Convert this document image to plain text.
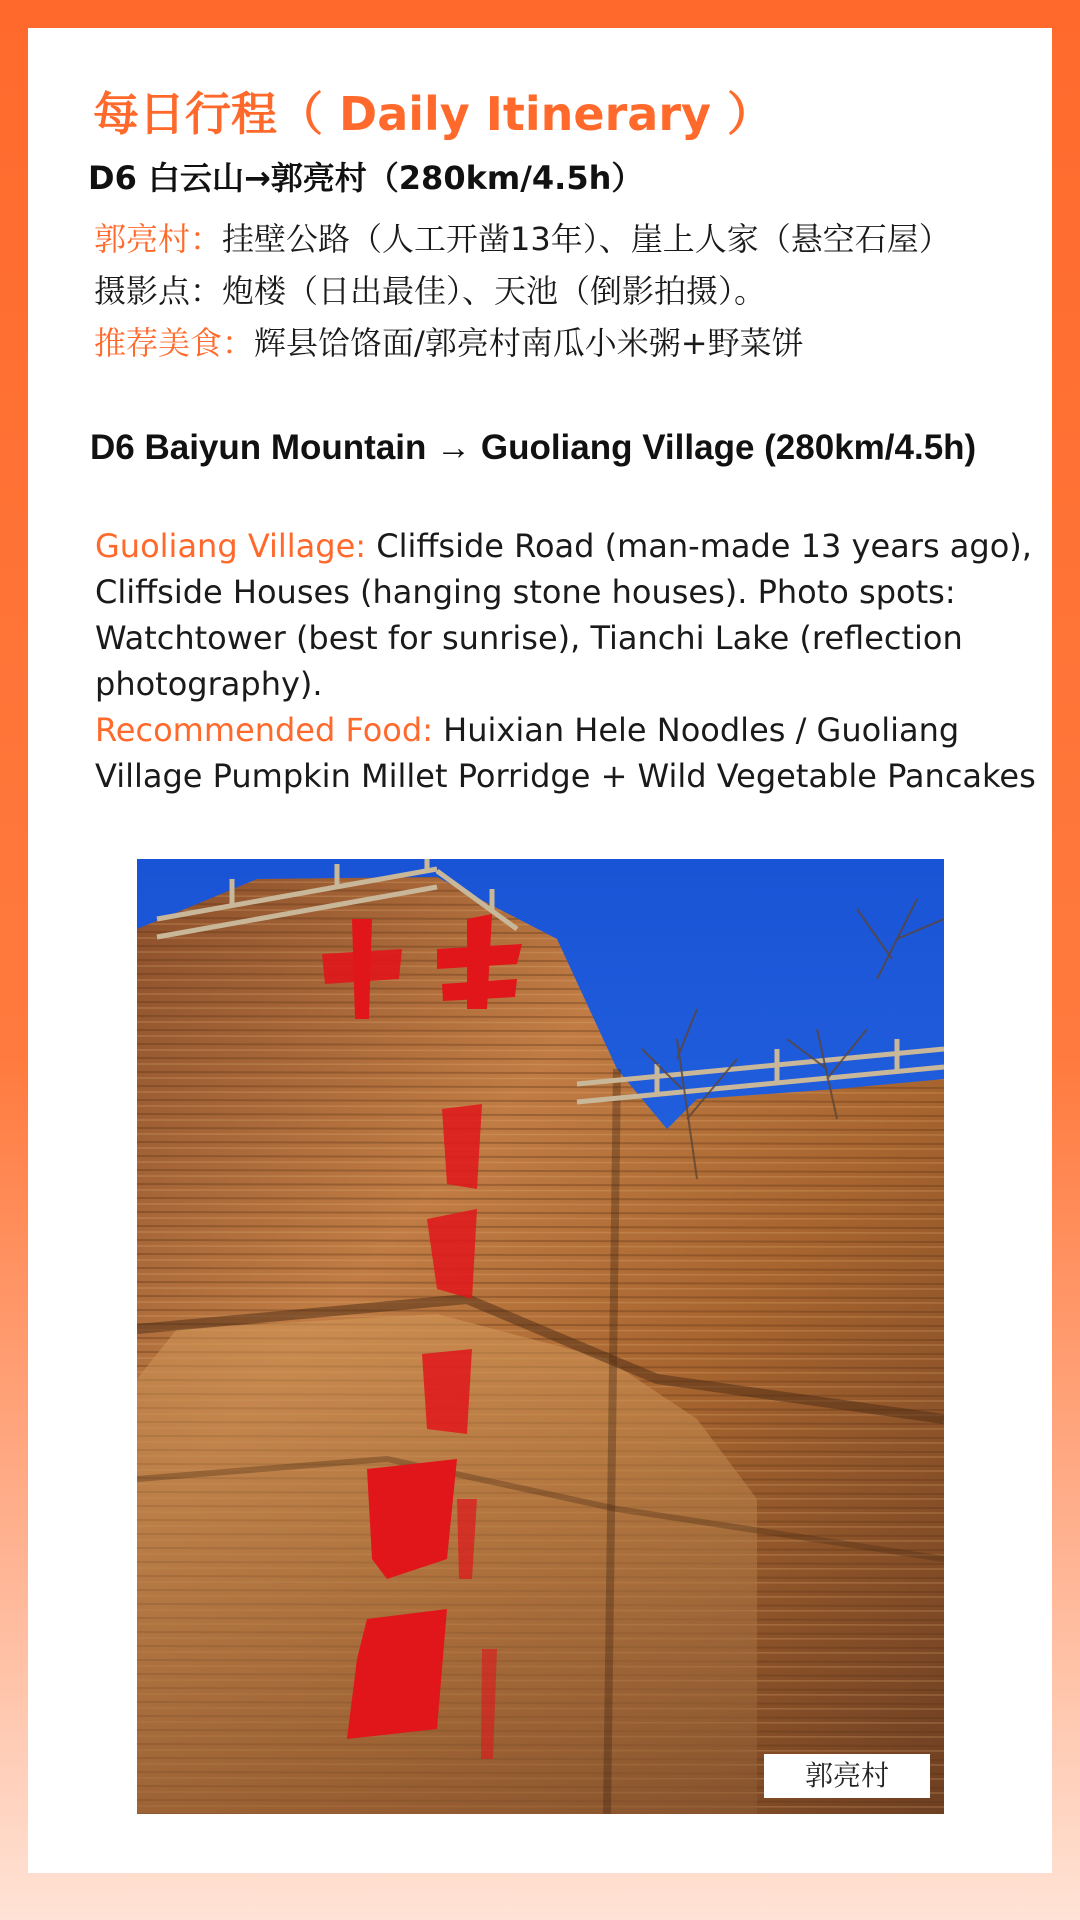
每日行程（ Daily Itinerary ）
D6 白云山→郭亮村（280km/4.5h）
郭亮村：挂壁公路（人工开凿13年）、崖上人家（悬空石屋）
摄影点：炮楼（日出最佳）、天池（倒影拍摄）。
推荐美食：辉县饸饹面/郭亮村南瓜小米粥+野菜饼
D6 Baiyun Mountain → Guoliang Village (280km/4.5h)

Guoliang Village: Cliffside Road (man-made 13 years ago), Cliffside Houses (hanging stone houses). Photo spots: Watchtower (best for sunrise), Tianchi Lake (reflection photography).

Recommended Food: Huixian Hele Noodles / Guoliang Village Pumpkin Millet Porridge + Wild Vegetable Pancakes

郭亮村
